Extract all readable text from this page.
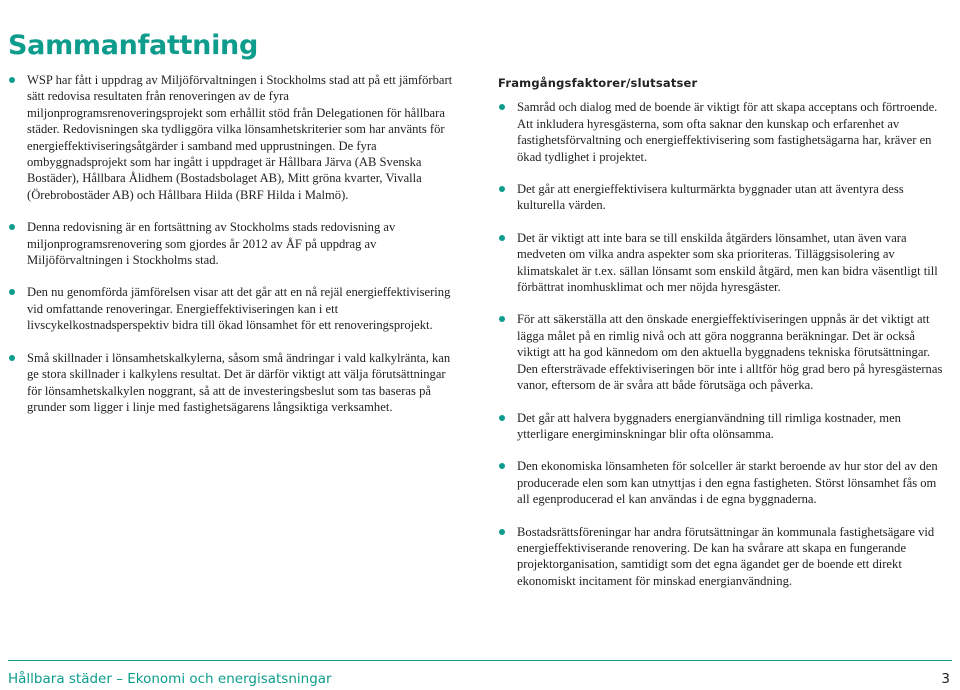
Sammanfattning
WSP har fått i uppdrag av Miljöförvaltningen i Stockholms stad att på ett jämförbart sätt redovisa resultaten från renoveringen av de fyra miljonprogramsrenoveringsprojekt som erhållit stöd från Delegationen för hållbara städer. Redovisningen ska tydliggöra vilka lönsamhetskriterier som har använts för energieffektiviseringsåtgärder i samband med upprustningen. De fyra ombyggnadsprojekt som har ingått i uppdraget är Hållbara Järva (AB Svenska Bostäder), Hållbara Ålidhem (Bostadsbolaget AB), Mitt gröna kvarter, Vivalla (Örebrobostäder AB) och Hållbara Hilda (BRF Hilda i Malmö).
Denna redovisning är en fortsättning av Stockholms stads redovisning av miljonprogramsrenovering som gjordes år 2012 av ÅF på uppdrag av Miljöförvaltningen i Stockholms stad.
Den nu genomförda jämförelsen visar att det går att en nå rejäl energieffektivisering vid omfattande renoveringar. Energieffektiviseringen kan i ett livscykelkostnadsperspektiv bidra till ökad lönsamhet för ett renoveringsprojekt.
Små skillnader i lönsamhetskalkylerna, såsom små ändringar i vald kalkylränta, kan ge stora skillnader i kalkylens resultat. Det är därför viktigt att välja förutsättningar för lönsamhetskalkylen noggrant, så att de investeringsbeslut som tas baseras på grunder som ligger i linje med fastighetsägarens långsiktiga verksamhet.
Framgångsfaktorer/slutsatser
Samråd och dialog med de boende är viktigt för att skapa acceptans och förtroende. Att inkludera hyresgästerna, som ofta saknar den kunskap och erfarenhet av fastighetsförvaltning och energieffektivisering som fastighetsägarna har, kräver en ökad tydlighet i projektet.
Det går att energieffektivisera kulturmärkta byggnader utan att äventyra dess kulturella värden.
Det är viktigt att inte bara se till enskilda åtgärders lönsamhet, utan även vara medveten om vilka andra aspekter som ska prioriteras. Tilläggsisolering av klimatskalet är t.ex. sällan lönsamt som enskild åtgärd, men kan bidra väsentligt till förbättrat inomhusklimat och mer nöjda hyresgäster.
För att säkerställa att den önskade energieffektiviseringen uppnås är det viktigt att lägga målet på en rimlig nivå och att göra noggranna beräkningar. Det är också viktigt att ha god kännedom om den aktuella byggnadens tekniska förutsättningar. Den eftersträvade effektiviseringen bör inte i alltför hög grad bero på hyresgästernas vanor, eftersom de är svåra att både förutsäga och påverka.
Det går att halvera byggnaders energianvändning till rimliga kostnader, men ytterligare energiminskningar blir ofta olönsamma.
Den ekonomiska lönsamheten för solceller är starkt beroende av hur stor del av den producerade elen som kan utnyttjas i den egna fastigheten. Störst lönsamhet fås om all egenproducerad el kan användas i de egna byggnaderna.
Bostadsrättsföreningar har andra förutsättningar än kommunala fastighetsägare vid energieffektiviserande renovering. De kan ha svårare att skapa en fungerande projektorganisation, samtidigt som det egna ägandet ger de boende ett direkt ekonomiskt incitament för minskad energianvändning.
Hållbara städer – Ekonomi och energisatsningar	3
